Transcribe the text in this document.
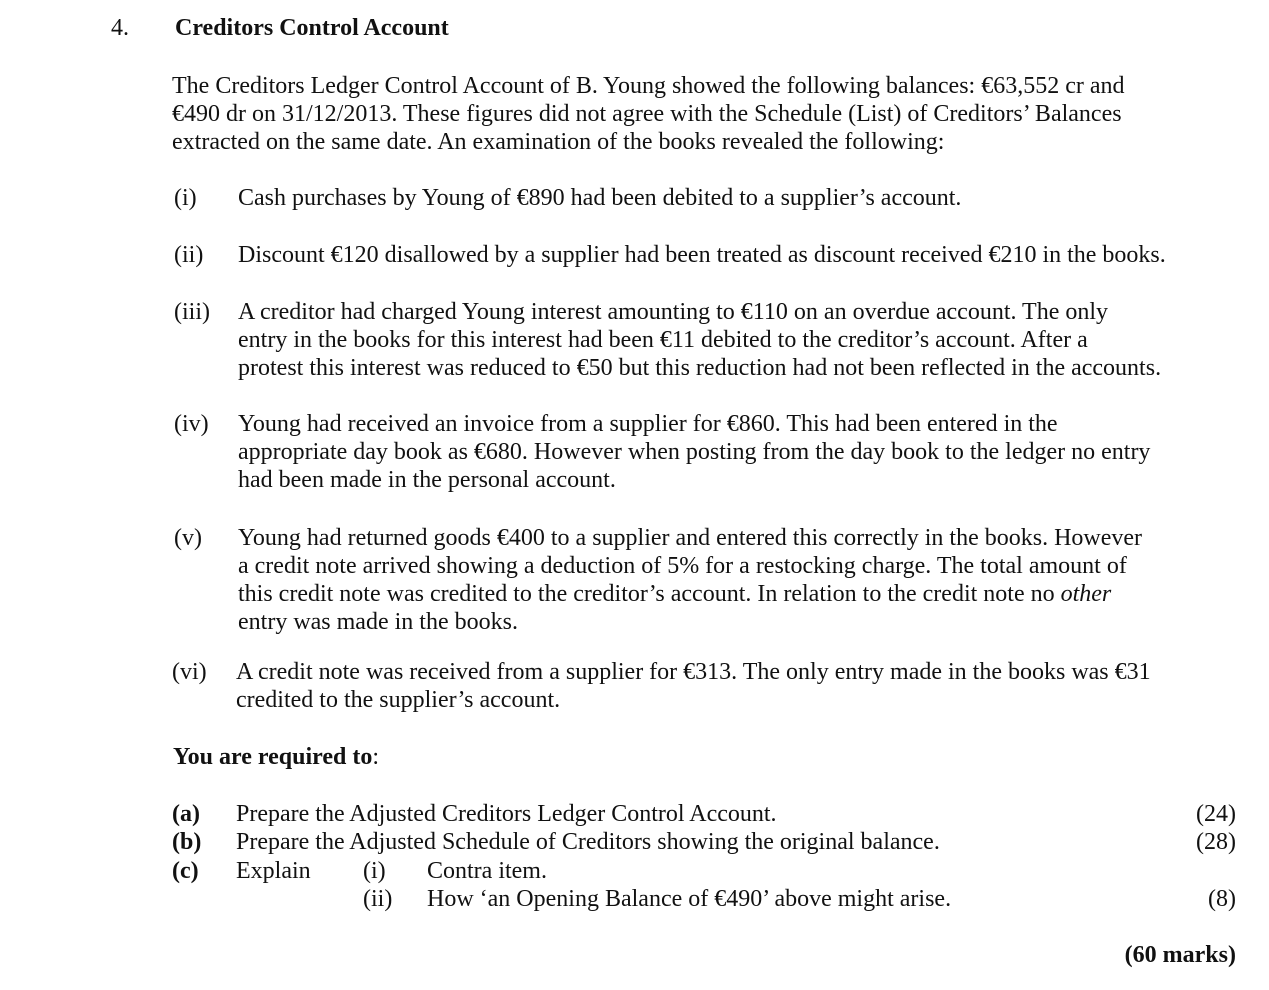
4. Creditors Control Account
The Creditors Ledger Control Account of B. Young showed the following balances: €63,552 cr and
€490 dr on 31/12/2013. These figures did not agree with the Schedule (List) of Creditors’ Balances
extracted on the same date. An examination of the books revealed the following:
(i) Cash purchases by Young of €890 had been debited to a supplier’s account.
(ii) Discount €120 disallowed by a supplier had been treated as discount received €210 in the books.
(iii) A creditor had charged Young interest amounting to €110 on an overdue account. The only
entry in the books for this interest had been €11 debited to the creditor’s account. After a
protest this interest was reduced to €50 but this reduction had not been reflected in the accounts.
(iv) Young had received an invoice from a supplier for €860. This had been entered in the
appropriate day book as €680. However when posting from the day book to the ledger no entry
had been made in the personal account.
(v) Young had returned goods €400 to a supplier and entered this correctly in the books. However
a credit note arrived showing a deduction of 5% for a restocking charge. The total amount of
this credit note was credited to the creditor’s account. In relation to the credit note no other
entry was made in the books.
(vi) A credit note was received from a supplier for €313. The only entry made in the books was €31
credited to the supplier’s account.
You are required to:
(a) Prepare the Adjusted Creditors Ledger Control Account.	(24)
(b) Prepare the Adjusted Schedule of Creditors showing the original balance.	(28)
(c) Explain (i) Contra item.
(ii) How ‘an Opening Balance of €490’ above might arise.	(8)
(60 marks)
